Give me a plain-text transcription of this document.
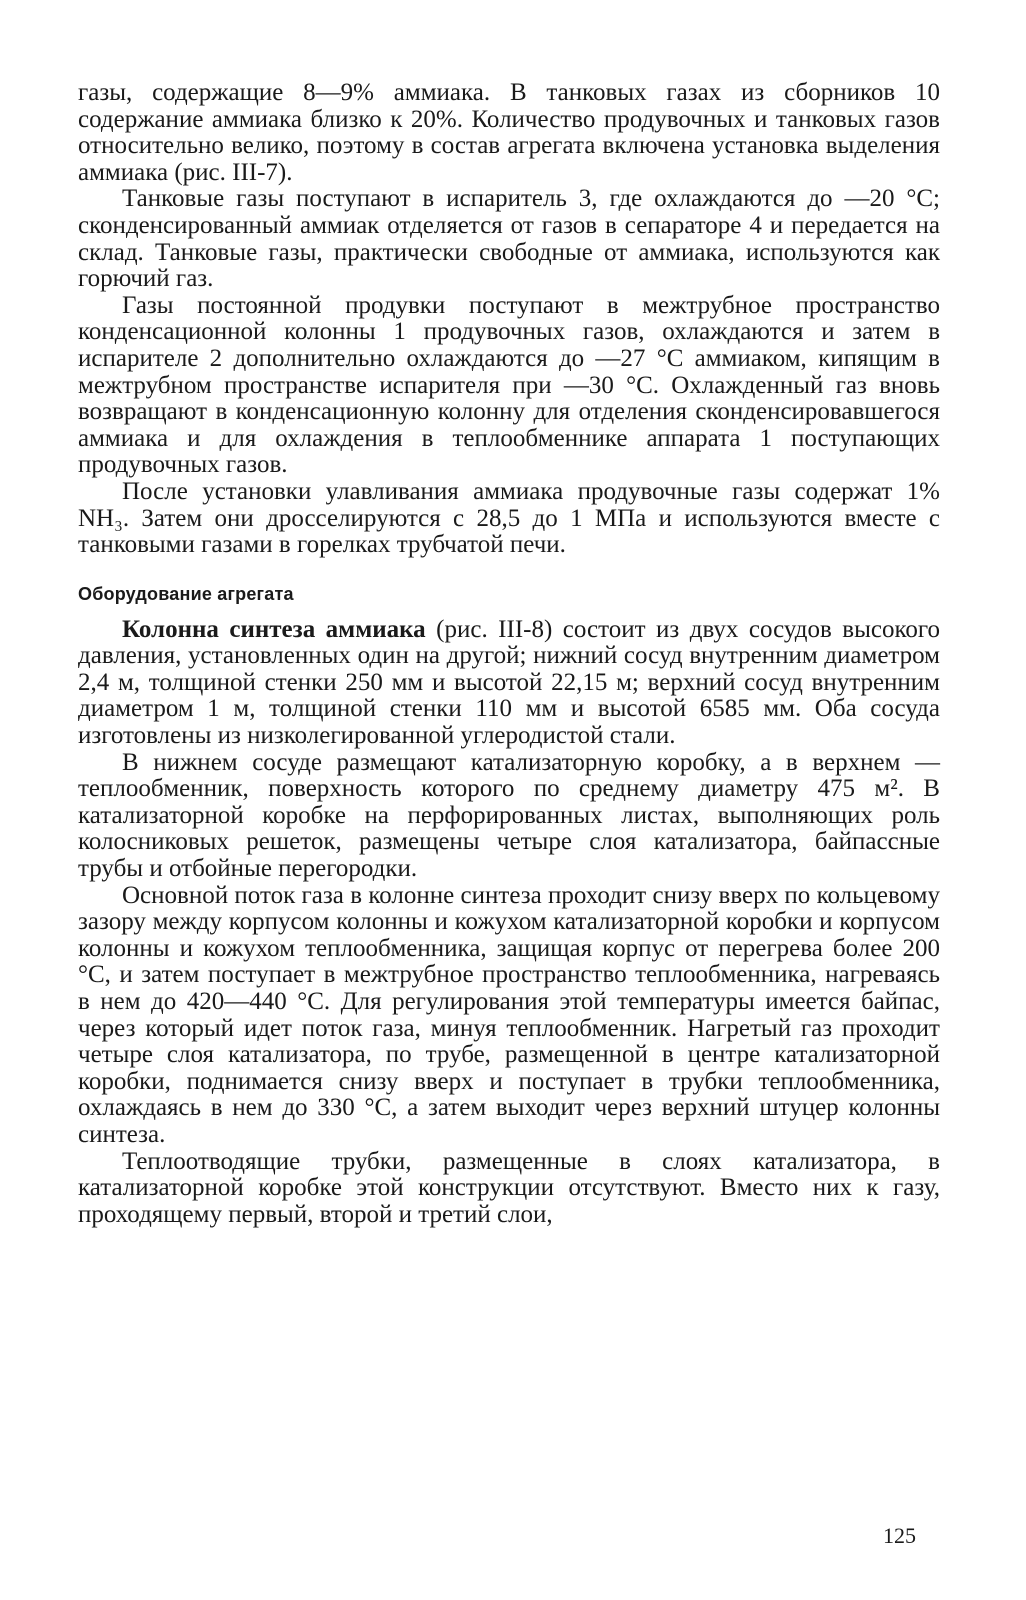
газы, содержащие 8—9% аммиака. В танковых газах из сборников 10 содержание аммиака близко к 20%. Количество продувочных и танковых газов относительно велико, поэтому в состав агрегата включена установка выделения аммиака (рис. III-7).

Танковые газы поступают в испаритель 3, где охлаждаются до —20 °С; сконденсированный аммиак отделяется от газов в сепараторе 4 и передается на склад. Танковые газы, практически свободные от аммиака, используются как горючий газ.

Газы постоянной продувки поступают в межтрубное пространство конденсационной колонны 1 продувочных газов, охлаждаются и затем в испарителе 2 дополнительно охлаждаются до —27 °С аммиаком, кипящим в межтрубном пространстве испарителя при —30 °С. Охлажденный газ вновь возвращают в конденсационную колонну для отделения сконденсировавшегося аммиака и для охлаждения в теплообменнике аппарата 1 поступающих продувочных газов.

После установки улавливания аммиака продувочные газы содержат 1% NH₃. Затем они дросселируются с 28,5 до 1 МПа и используются вместе с танковыми газами в горелках трубчатой печи.

Оборудование агрегата

Колонна синтеза аммиака (рис. III-8) состоит из двух сосудов высокого давления, установленных один на другой; нижний сосуд внутренним диаметром 2,4 м, толщиной стенки 250 мм и высотой 22,15 м; верхний сосуд внутренним диаметром 1 м, толщиной стенки 110 мм и высотой 6585 мм. Оба сосуда изготовлены из низколегированной углеродистой стали.

В нижнем сосуде размещают катализаторную коробку, а в верхнем — теплообменник, поверхность которого по среднему диаметру 475 м². В катализаторной коробке на перфорированных листах, выполняющих роль колосниковых решеток, размещены четыре слоя катализатора, байпассные трубы и отбойные перегородки.

Основной поток газа в колонне синтеза проходит снизу вверх по кольцевому зазору между корпусом колонны и кожухом катализаторной коробки и корпусом колонны и кожухом теплообменника, защищая корпус от перегрева более 200 °С, и затем поступает в межтрубное пространство теплообменника, нагреваясь в нем до 420—440 °С. Для регулирования этой температуры имеется байпас, через который идет поток газа, минуя теплообменник. Нагретый газ проходит четыре слоя катализатора, по трубе, размещенной в центре катализаторной коробки, поднимается снизу вверх и поступает в трубки теплообменника, охлаждаясь в нем до 330 °С, а затем выходит через верхний штуцер колонны синтеза.

Теплоотводящие трубки, размещенные в слоях катализатора, в катализаторной коробке этой конструкции отсутствуют. Вместо них к газу, проходящему первый, второй и третий слои,

125
